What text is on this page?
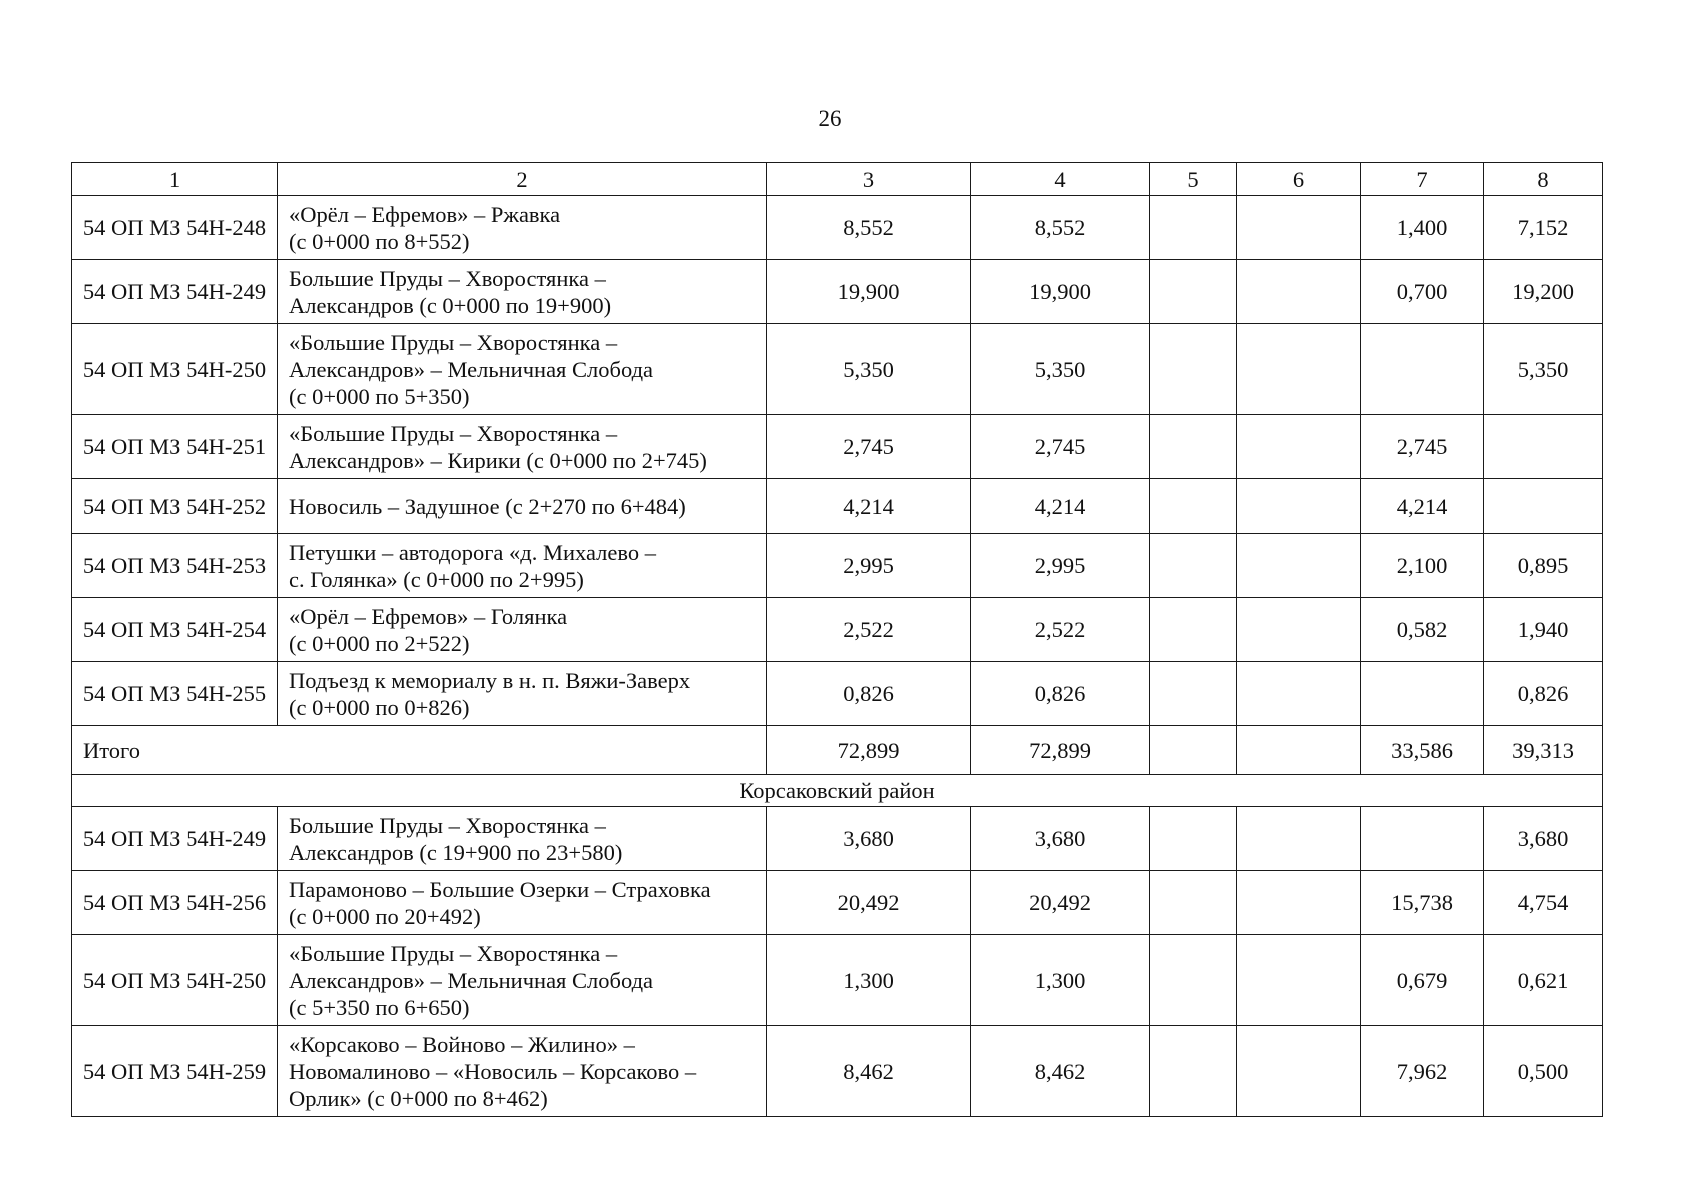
26
1	2	3	4	5	6	7	8
54 ОП МЗ 54Н-248	«Орёл – Ефремов» – Ржавка
(с 0+000 по 8+552)	8,552	8,552			1,400	7,152
54 ОП МЗ 54Н-249	Большие Пруды – Хворостянка –
Александров (с 0+000 по 19+900)	19,900	19,900			0,700	19,200
54 ОП МЗ 54Н-250	«Большие Пруды – Хворостянка –
Александров» – Мельничная Слобода
(с 0+000 по 5+350)	5,350	5,350				5,350
54 ОП МЗ 54Н-251	«Большие Пруды – Хворостянка –
Александров» – Кирики (с 0+000 по 2+745)	2,745	2,745			2,745	
54 ОП МЗ 54Н-252	Новосиль – Задушное (с 2+270 по 6+484)	4,214	4,214			4,214	
54 ОП МЗ 54Н-253	Петушки – автодорога «д. Михалево –
с. Голянка» (с 0+000 по 2+995)	2,995	2,995			2,100	0,895
54 ОП МЗ 54Н-254	«Орёл – Ефремов» – Голянка
(с 0+000 по 2+522)	2,522	2,522			0,582	1,940
54 ОП МЗ 54Н-255	Подъезд к мемориалу в н. п. Вяжи-Заверх
(с 0+000 по 0+826)	0,826	0,826				0,826
Итого		72,899	72,899			33,586	39,313
Корсаковский район							
54 ОП МЗ 54Н-249	Большие Пруды – Хворостянка –
Александров (с 19+900 по 23+580)	3,680	3,680				3,680
54 ОП МЗ 54Н-256	Парамоново – Большие Озерки – Страховка
(с 0+000 по 20+492)	20,492	20,492			15,738	4,754
54 ОП МЗ 54Н-250	«Большие Пруды – Хворостянка –
Александров» – Мельничная Слобода
(с 5+350 по 6+650)	1,300	1,300			0,679	0,621
54 ОП МЗ 54Н-259	«Корсаково – Войново – Жилино» –
Новомалиново – «Новосиль – Корсаково –
Орлик» (с 0+000 по 8+462)	8,462	8,462			7,962	0,500
